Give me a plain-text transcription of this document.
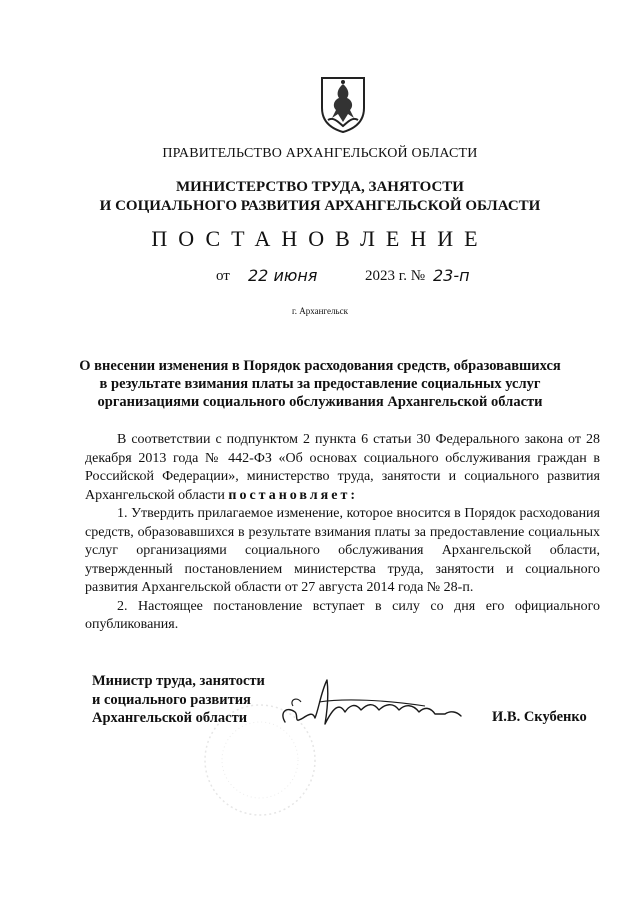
ПРАВИТЕЛЬСТВО АРХАНГЕЛЬСКОЙ ОБЛАСТИ
МИНИСТЕРСТВО ТРУДА, ЗАНЯТОСТИ
И СОЦИАЛЬНОГО РАЗВИТИЯ АРХАНГЕЛЬСКОЙ ОБЛАСТИ
ПОСТАНОВЛЕНИЕ
от 22 июня	2023 г. № 23-п
г. Архангельск
О внесении изменения в Порядок расходования средств, образовавшихся
в результате взимания платы за предоставление социальных услуг
организациями социального обслуживания Архангельской области

В соответствии с подпунктом 2 пункта 6 статьи 30 Федерального закона от 28 декабря 2013 года № 442-ФЗ «Об основах социального обслуживания граждан в Российской Федерации», министерство труда, занятости и социального развития Архангельской области постановляет:

1. Утвердить прилагаемое изменение, которое вносится в Порядок расходования средств, образовавшихся в результате взимания платы за предоставление социальных услуг организациями социального обслуживания Архангельской области, утвержденный постановлением министерства труда, занятости и социального развития Архангельской области от 27 августа 2014 года № 28-п.

2. Настоящее постановление вступает в силу со дня его официального опубликования.

Министр труда, занятости
и социального развития
Архангельской области	И.В. Скубенко
